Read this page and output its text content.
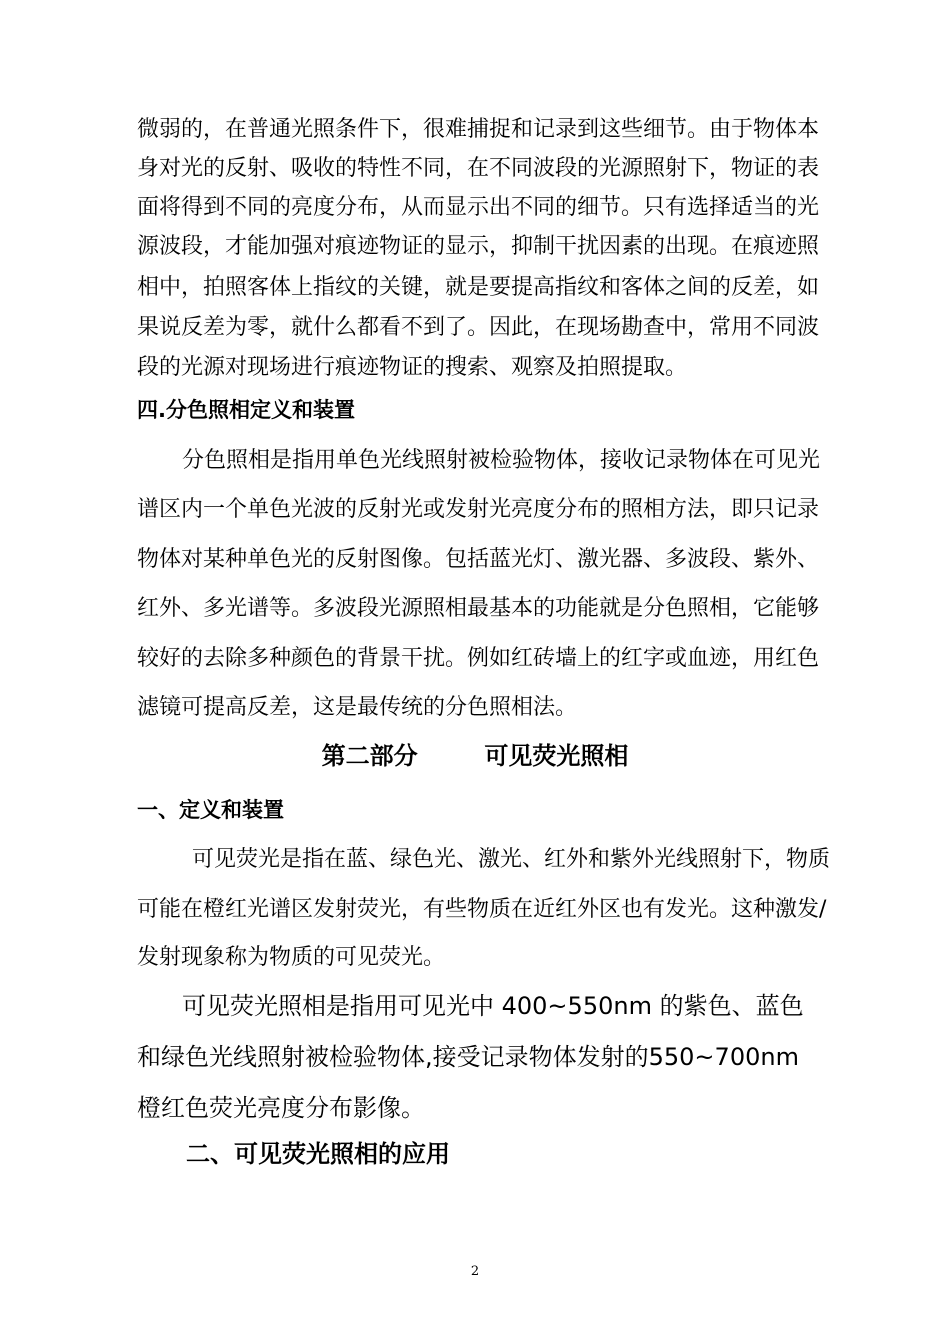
微弱的，在普通光照条件下，很难捕捉和记录到这些细节。由于物体本
身对光的反射、吸收的特性不同，在不同波段的光源照射下，物证的表
面将得到不同的亮度分布，从而显示出不同的细节。只有选择适当的光
源波段，才能加强对痕迹物证的显示，抑制干扰因素的出现。在痕迹照
相中，拍照客体上指纹的关键，就是要提高指纹和客体之间的反差，如
果说反差为零，就什么都看不到了。因此，在现场勘查中，常用不同波
段的光源对现场进行痕迹物证的搜索、观察及拍照提取。
四.分色照相定义和装置
分色照相是指用单色光线照射被检验物体，接收记录物体在可见光
谱区内一个单色光波的反射光或发射光亮度分布的照相方法，即只记录
物体对某种单色光的反射图像。包括蓝光灯、激光器、多波段、紫外、
红外、多光谱等。多波段光源照相最基本的功能就是分色照相，它能够
较好的去除多种颜色的背景干扰。例如红砖墙上的红字或血迹，用红色
滤镜可提高反差，这是最传统的分色照相法。
第二部分        可见荧光照相
一、定义和装置
可见荧光是指在蓝、绿色光、激光、红外和紫外光线照射下，物质
可能在橙红光谱区发射荧光，有些物质在近红外区也有发光。这种激发/
发射现象称为物质的可见荧光。
可见荧光照相是指用可见光中 400~550nm 的紫色、蓝色
和绿色光线照射被检验物体,接受记录物体发射的550~700nm
橙红色荧光亮度分布影像。
二、可见荧光照相的应用
2
